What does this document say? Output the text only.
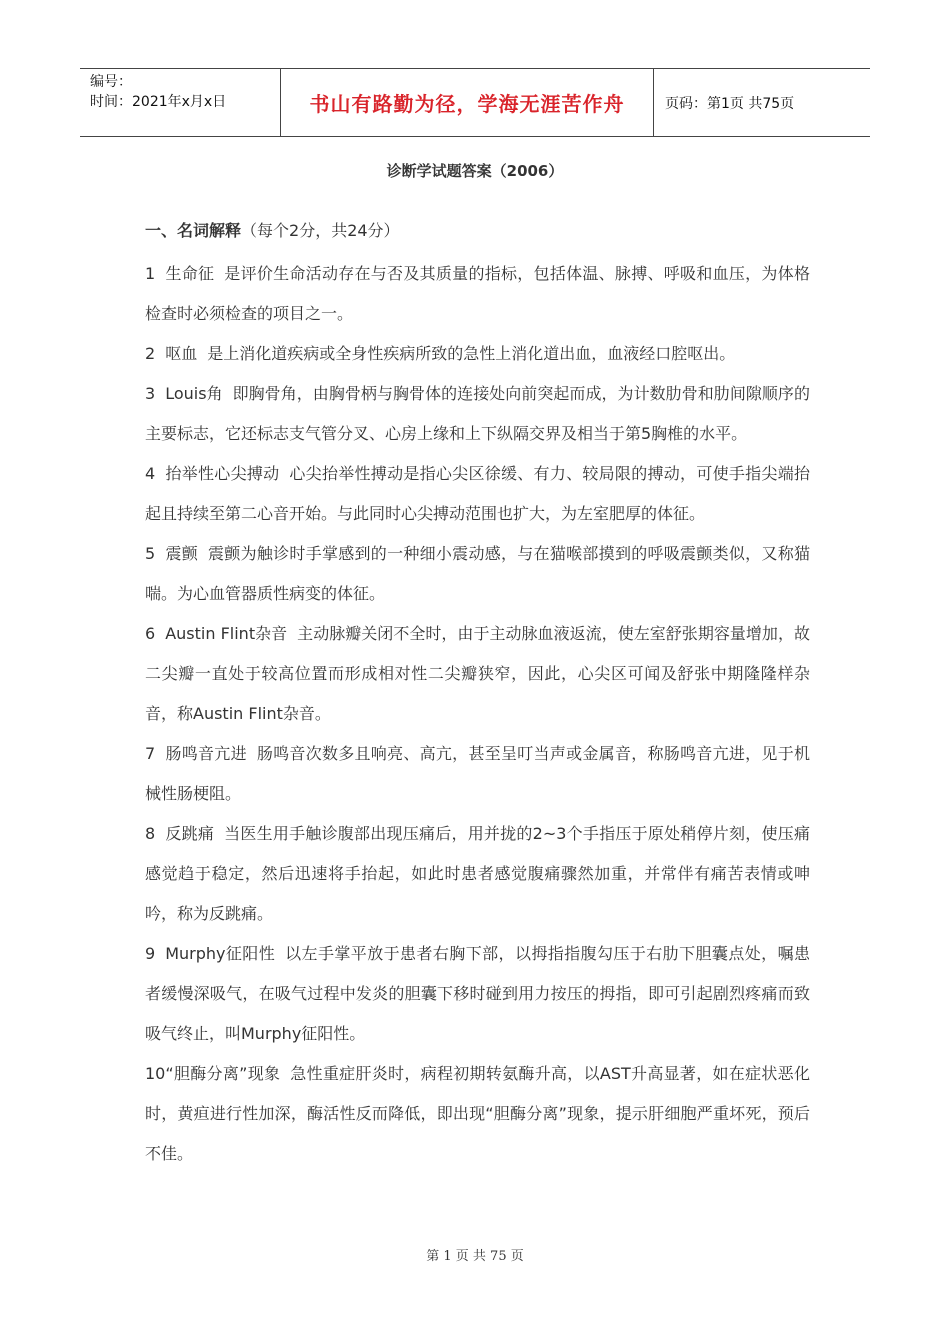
编号：
时间：2021年x月x日	书山有路勤为径，学海无涯苦作舟	页码：第1页 共75页
诊断学试题答案（2006）
一、名词解释（每个2分，共24分）

1 生命征 是评价生命活动存在与否及其质量的指标，包括体温、脉搏、呼吸和血压，为体格检查时必须检查的项目之一。

2 呕血 是上消化道疾病或全身性疾病所致的急性上消化道出血，血液经口腔呕出。

3 Louis角 即胸骨角，由胸骨柄与胸骨体的连接处向前突起而成，为计数肋骨和肋间隙顺序的主要标志，它还标志支气管分叉、心房上缘和上下纵隔交界及相当于第5胸椎的水平。

4 抬举性心尖搏动 心尖抬举性搏动是指心尖区徐缓、有力、较局限的搏动，可使手指尖端抬起且持续至第二心音开始。与此同时心尖搏动范围也扩大，为左室肥厚的体征。

5 震颤 震颤为触诊时手掌感到的一种细小震动感，与在猫喉部摸到的呼吸震颤类似，又称猫喘。为心血管器质性病变的体征。

6 Austin Flint杂音 主动脉瓣关闭不全时，由于主动脉血液返流，使左室舒张期容量增加，故二尖瓣一直处于较高位置而形成相对性二尖瓣狭窄，因此，心尖区可闻及舒张中期隆隆样杂音，称Austin Flint杂音。

7 肠鸣音亢进 肠鸣音次数多且响亮、高亢，甚至呈叮当声或金属音，称肠鸣音亢进，见于机械性肠梗阻。

8 反跳痛 当医生用手触诊腹部出现压痛后，用并拢的2~3个手指压于原处稍停片刻，使压痛感觉趋于稳定，然后迅速将手抬起，如此时患者感觉腹痛骤然加重，并常伴有痛苦表情或呻吟，称为反跳痛。

9 Murphy征阳性 以左手掌平放于患者右胸下部，以拇指指腹勾压于右肋下胆囊点处，嘱患者缓慢深吸气，在吸气过程中发炎的胆囊下移时碰到用力按压的拇指，即可引起剧烈疼痛而致吸气终止，叫Murphy征阳性。

10“胆酶分离”现象 急性重症肝炎时，病程初期转氨酶升高，以AST升高显著，如在症状恶化时，黄疸进行性加深，酶活性反而降低，即出现“胆酶分离”现象，提示肝细胞严重坏死，预后不佳。

第 1 页 共 75 页
